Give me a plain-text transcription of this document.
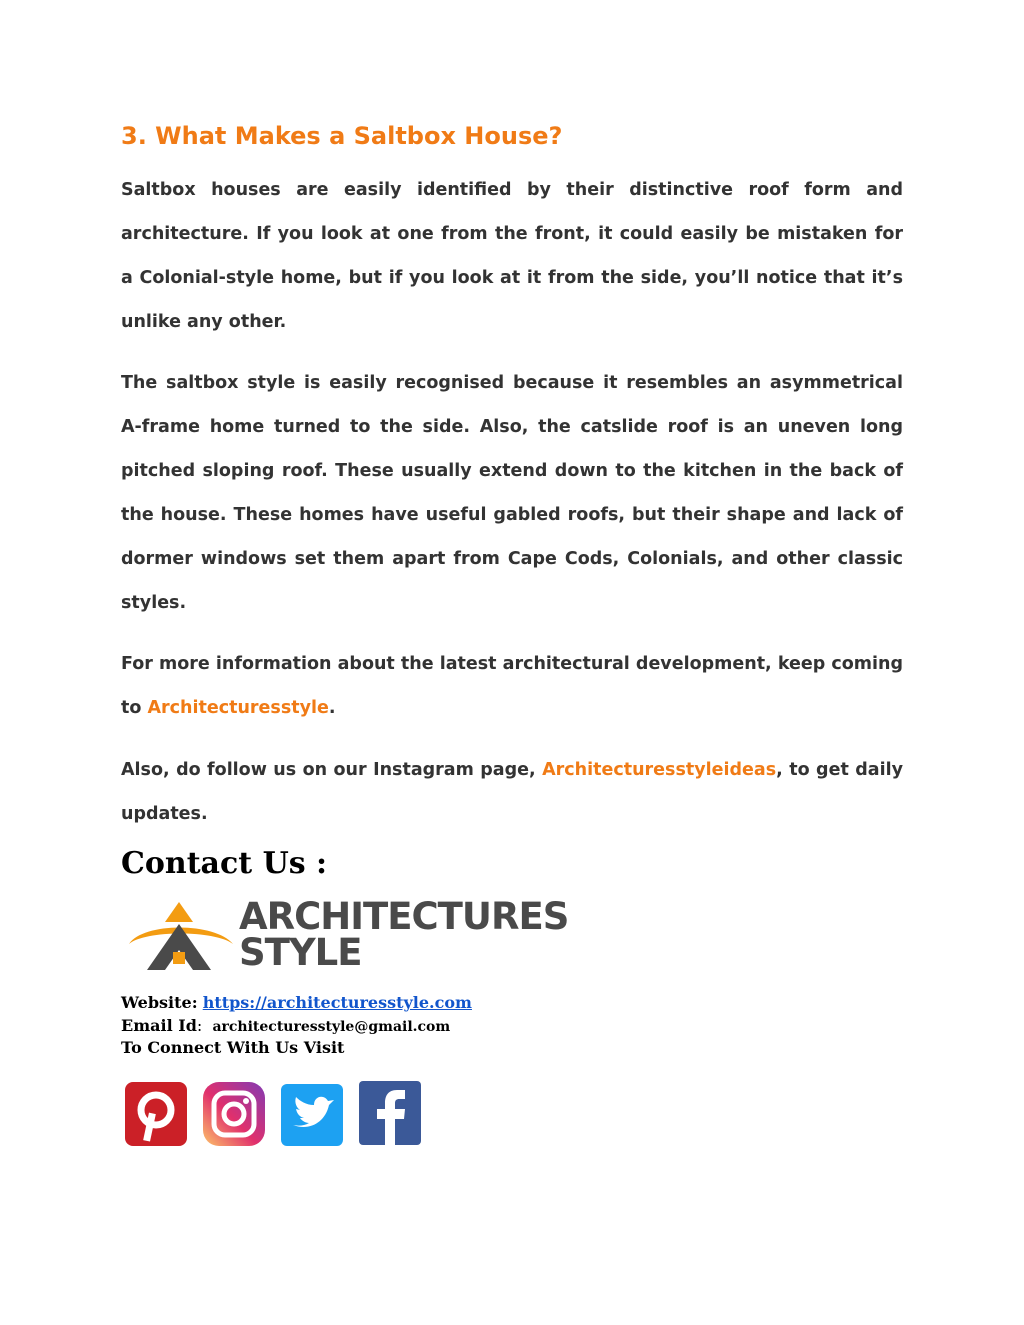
3. What Makes a Saltbox House?

Saltbox houses are easily identified by their distinctive roof form and architecture. If you look at one from the front, it could easily be mistaken for a Colonial-style home, but if you look at it from the side, you’ll notice that it’s unlike any other.

The saltbox style is easily recognised because it resembles an asymmetrical A-frame home turned to the side. Also, the catslide roof is an uneven long pitched sloping roof. These usually extend down to the kitchen in the back of the house. These homes have useful gabled roofs, but their shape and lack of dormer windows set them apart from Cape Cods, Colonials, and other classic styles.

For more information about the latest architectural development, keep coming to Architecturesstyle.

Also, do follow us on our Instagram page, Architecturesstyleideas, to get daily updates.

Contact Us :
ARCHITECTURES
STYLE

Website: https://architecturesstyle.com

Email Id: architecturesstyle@gmail.com

To Connect With Us Visit
